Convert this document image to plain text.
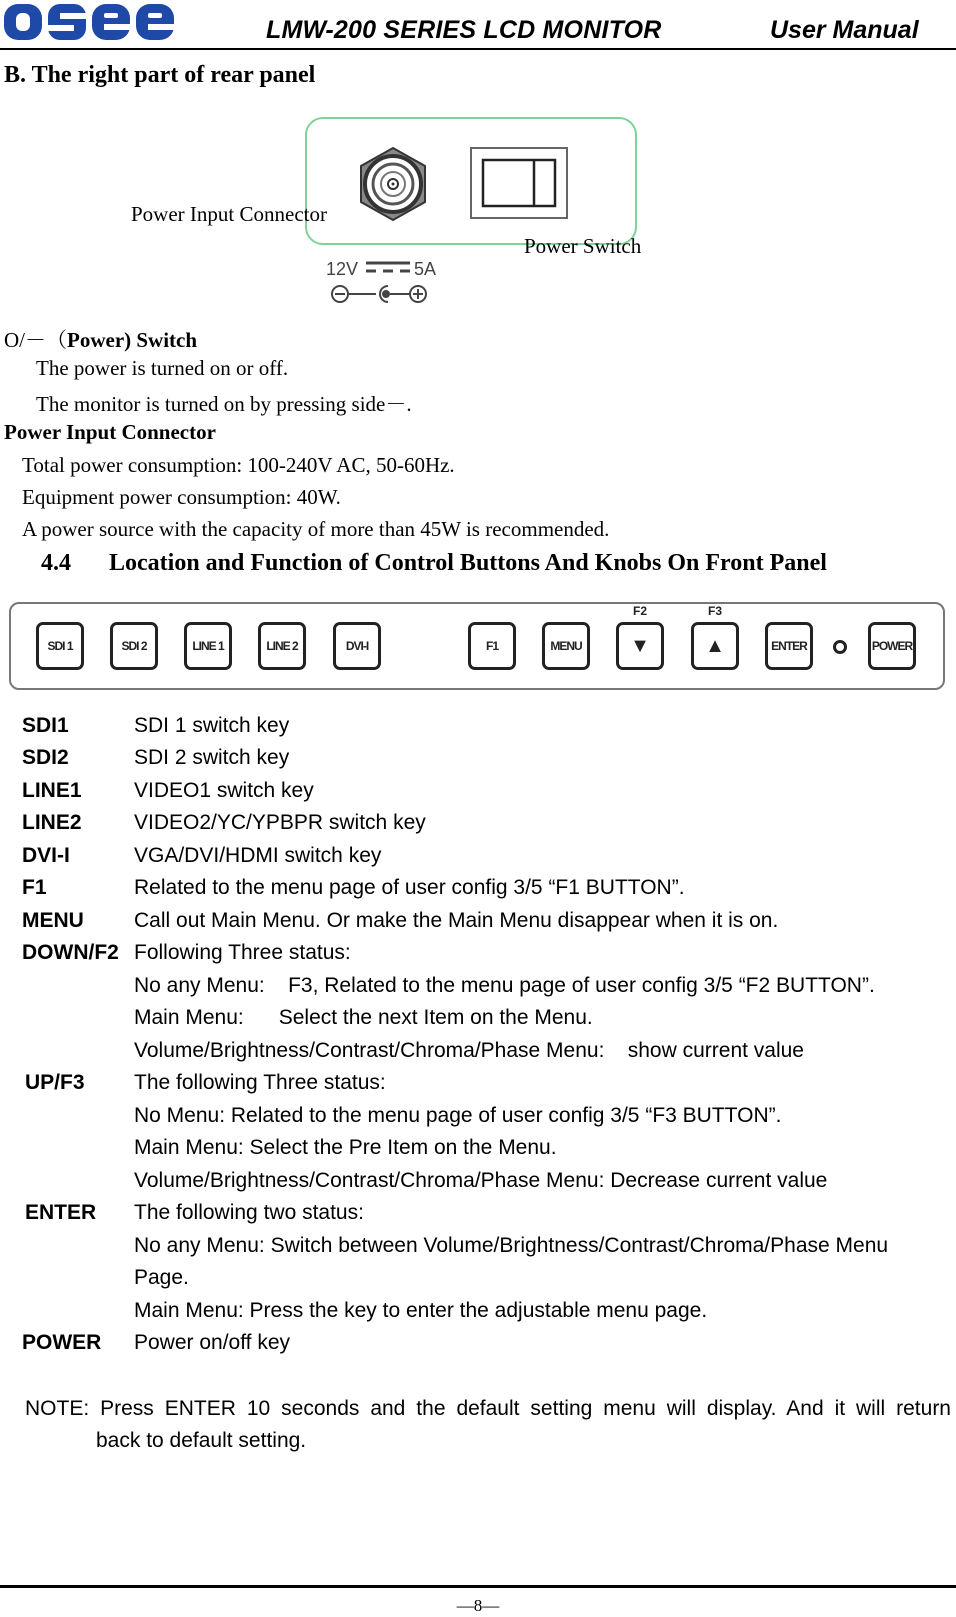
LMW-200 SERIES LCD MONITOR	User Manual
B. The right part of rear panel
Power Input Connector
Power Switch
12V	5A
O/－（Power) Switch
The power is turned on or off.
The monitor is turned on by pressing side－.
Power Input Connector
Total power consumption: 100-240V AC, 50-60Hz.
Equipment power consumption: 40W.
A power source with the capacity of more than 45W is recommended.
4.4 Location and Function of Control Buttons And Knobs On Front Panel
SDI 1	SDI 2	LINE 1	LINE 2	DVI-I	F1	MENU
F2
▼
F3
▲	ENTER	POWER
SDI1	SDI 1 switch key
SDI2	SDI 2 switch key
LINE1 VIDEO1 switch key
LINE2 VIDEO2/YC/YPBPR switch key
DVI-I	VGA/DVI/HDMI switch key
F1	Related to the menu page of user config 3/5 “F1 BUTTON”.
MENU Call out Main Menu. Or make the Main Menu disappear when it is on.
DOWN/F2 Following Three status:
No any Menu:    F3, Related to the menu page of user config 3/5 “F2 BUTTON”.
Main Menu:      Select the next Item on the Menu.
Volume/Brightness/Contrast/Chroma/Phase Menu:    show current value
UP/F3 The following Three status:
No Menu: Related to the menu page of user config 3/5 “F3 BUTTON”.
Main Menu: Select the Pre Item on the Menu.
Volume/Brightness/Contrast/Chroma/Phase Menu: Decrease current value
ENTER The following two status:
No any Menu: Switch between Volume/Brightness/Contrast/Chroma/Phase Menu
Page.
Main Menu: Press the key to enter the adjustable menu page.
POWER Power on/off key
NOTE: Press ENTER 10 seconds and the default setting menu will display. And it will return
back to default setting.
—8—
